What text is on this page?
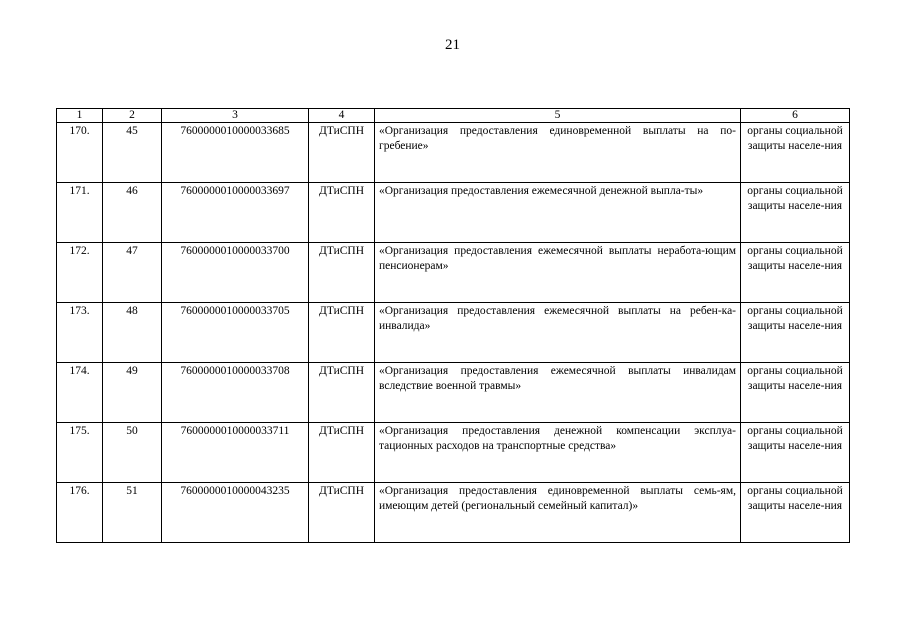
21
1	2	3	4	5	6
170.	45	7600000010000033685	ДТиСПН	«Организация предоставления единовременной выплаты на по-гребение»	органы социальной защиты населе-ния
171.	46	7600000010000033697	ДТиСПН	«Организация предоставления ежемесячной денежной выпла-ты»	органы социальной защиты населе-ния
172.	47	7600000010000033700	ДТиСПН	«Организация предоставления ежемесячной выплаты неработа-ющим пенсионерам»	органы социальной защиты населе-ния
173.	48	7600000010000033705	ДТиСПН	«Организация предоставления ежемесячной выплаты на ребен-ка-инвалида»	органы социальной защиты населе-ния
174.	49	7600000010000033708	ДТиСПН	«Организация предоставления ежемесячной выплаты инвалидам вследствие военной травмы»	органы социальной защиты населе-ния
175.	50	7600000010000033711	ДТиСПН	«Организация предоставления денежной компенсации эксплуа-тационных расходов на транспортные средства»	органы социальной защиты населе-ния
176.	51	7600000010000043235	ДТиСПН	«Организация предоставления единовременной выплаты семь-ям, имеющим детей (региональный семейный капитал)»	органы социальной защиты населе-ния
